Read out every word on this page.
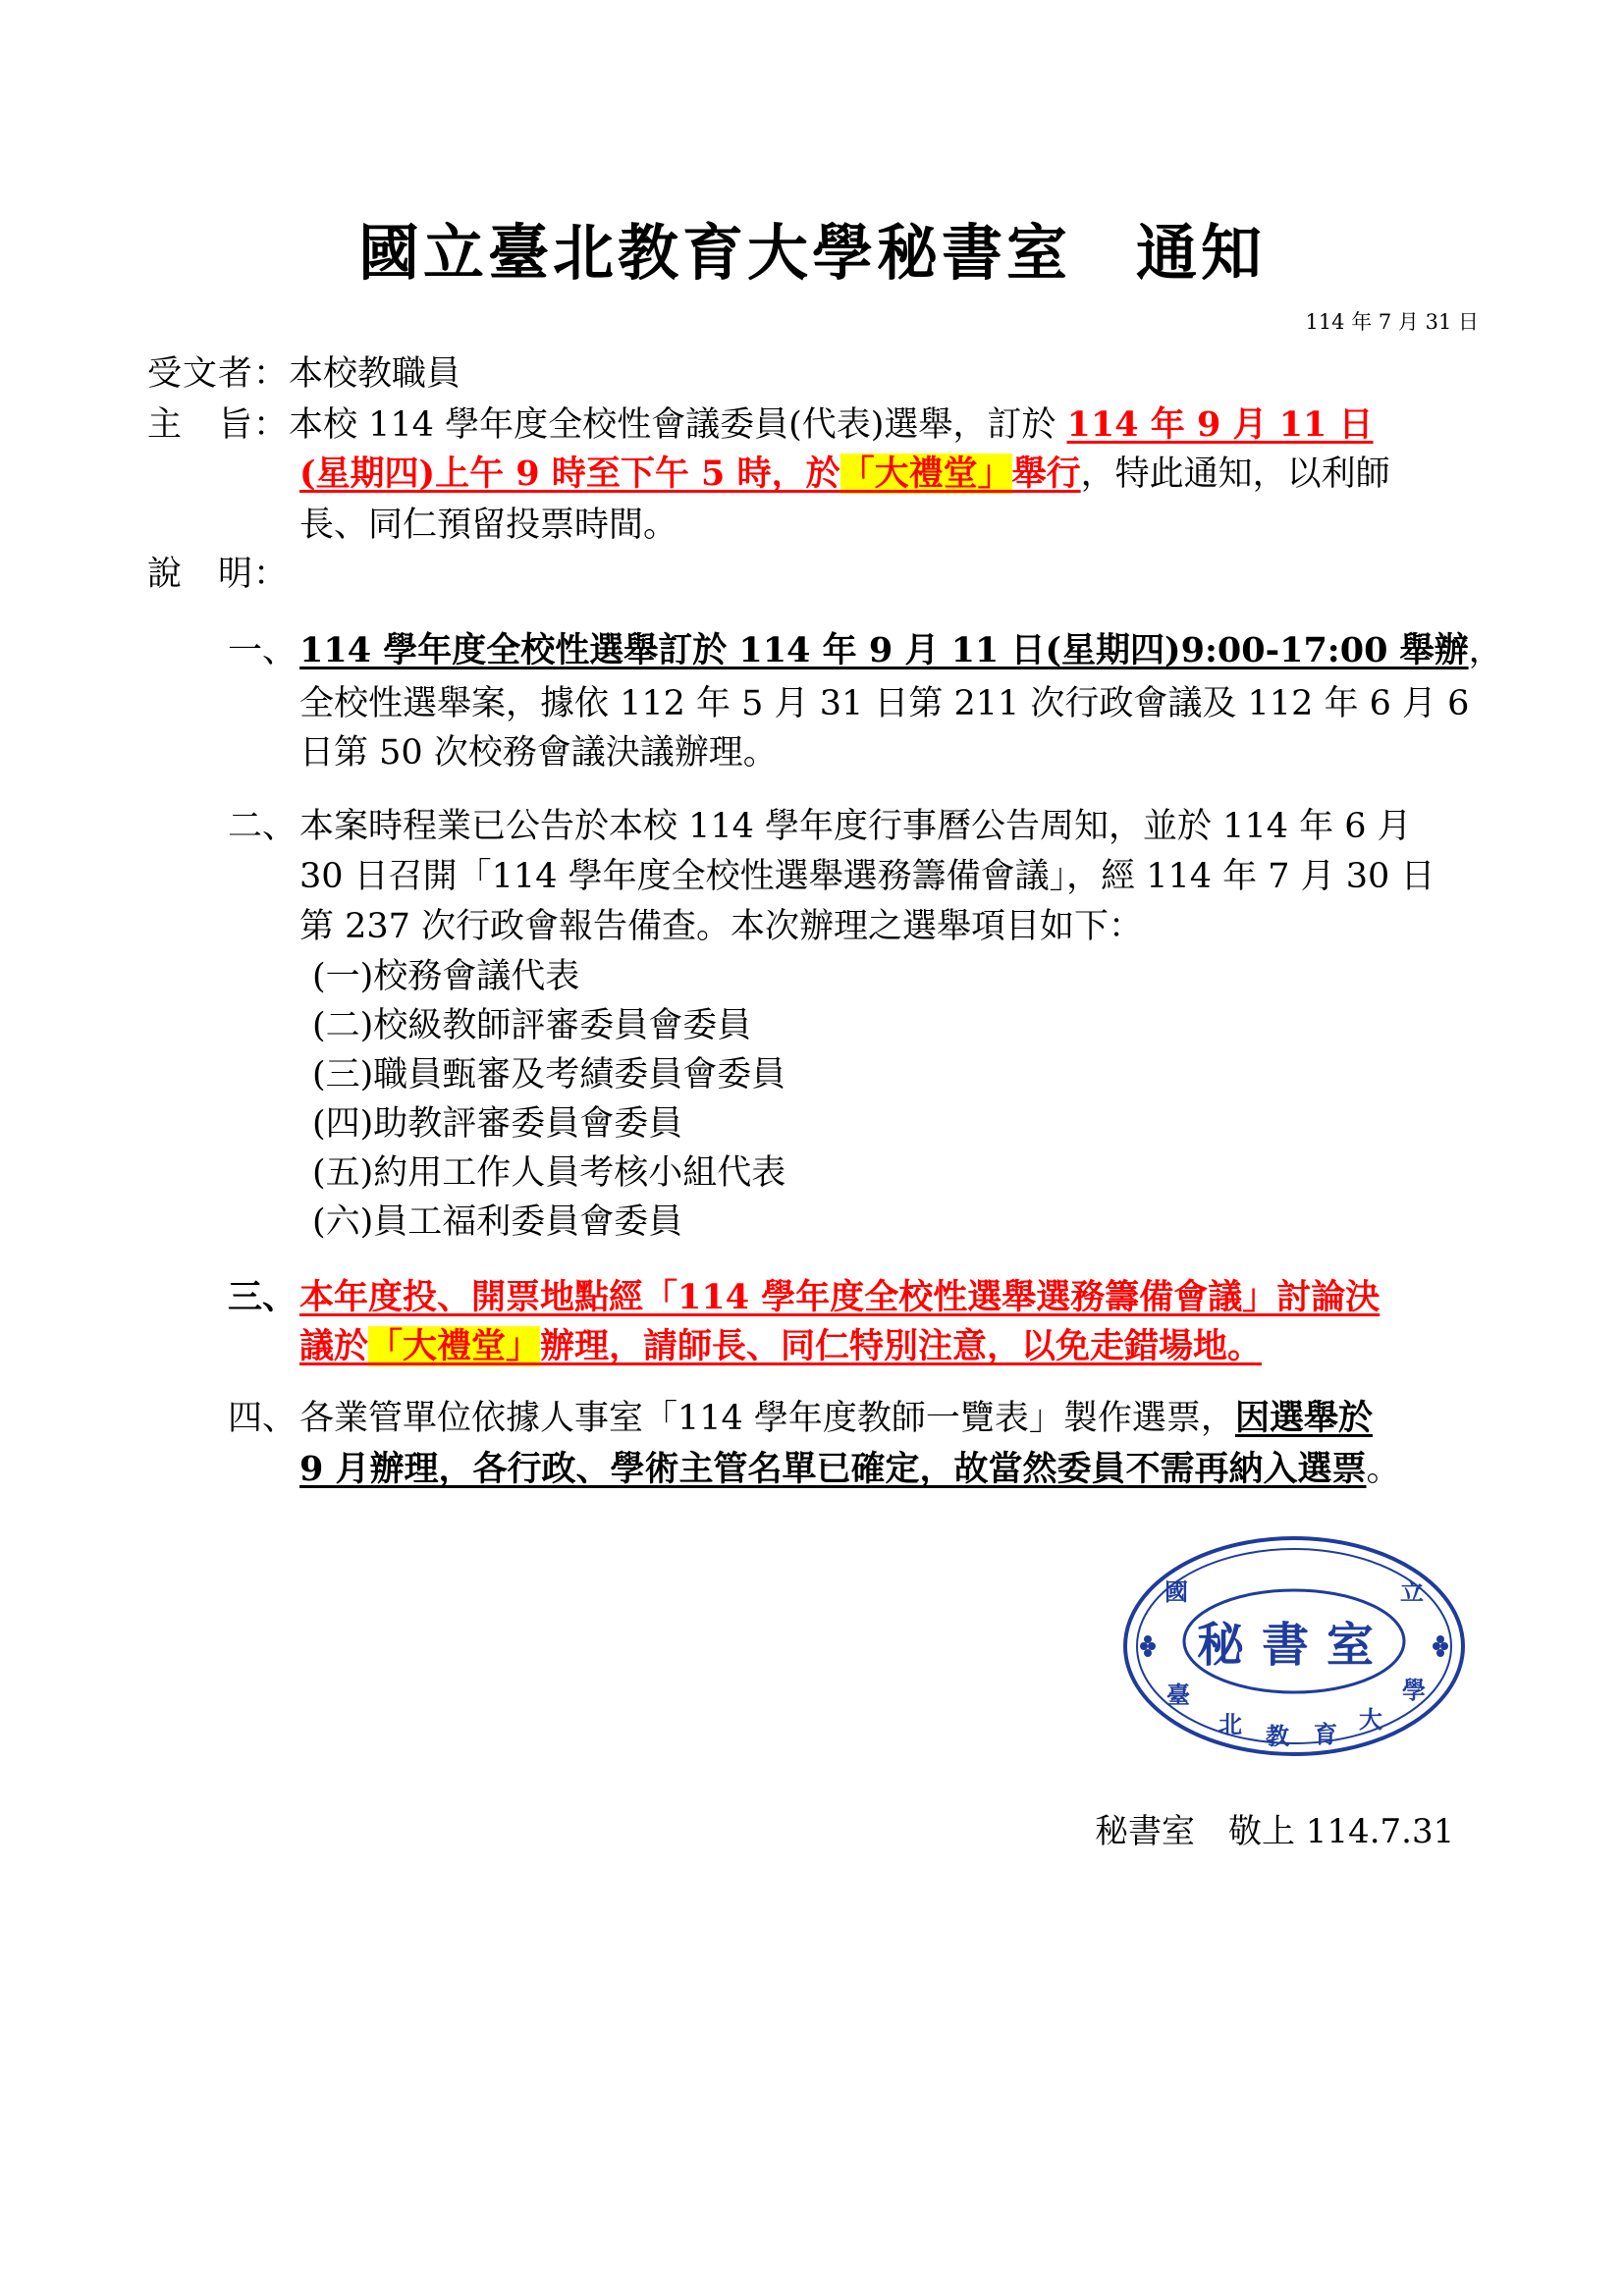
國立臺北教育大學秘書室　通知
114 年 7 月 31 日
受文者：本校教職員
主　旨：本校 114 學年度全校性會議委員(代表)選舉，訂於 114 年 9 月 11 日
(星期四)上午 9 時至下午 5 時，於「大禮堂」舉行，特此通知，以利師
長、同仁預留投票時間。
說　明：
一、 114 學年度全校性選舉訂於 114 年 9 月 11 日(星期四)9:00-17:00 舉辦，
全校性選舉案，據依 112 年 5 月 31 日第 211 次行政會議及 112 年 6 月 6
日第 50 次校務會議決議辦理。
二、 本案時程業已公告於本校 114 學年度行事曆公告周知，並於 114 年 6 月
30 日召開「114 學年度全校性選舉選務籌備會議」，經 114 年 7 月 30 日
第 237 次行政會報告備查。本次辦理之選舉項目如下：
(一)校務會議代表
(二)校級教師評審委員會委員
(三)職員甄審及考績委員會委員
(四)助教評審委員會委員
(五)約用工作人員考核小組代表
(六)員工福利委員會委員
三、 本年度投、開票地點經「114 學年度全校性選舉選務籌備會議」討論決
議於「大禮堂」辦理，請師長、同仁特別注意，以免走錯場地。
四、 各業管單位依據人事室「114 學年度教師一覽表」製作選票，因選舉於
9 月辦理，各行政、學術主管名單已確定，故當然委員不需再納入選票。
國	立
臺
北 教 育
大
學
秘書室
秘書室　敬上 114.7.31
